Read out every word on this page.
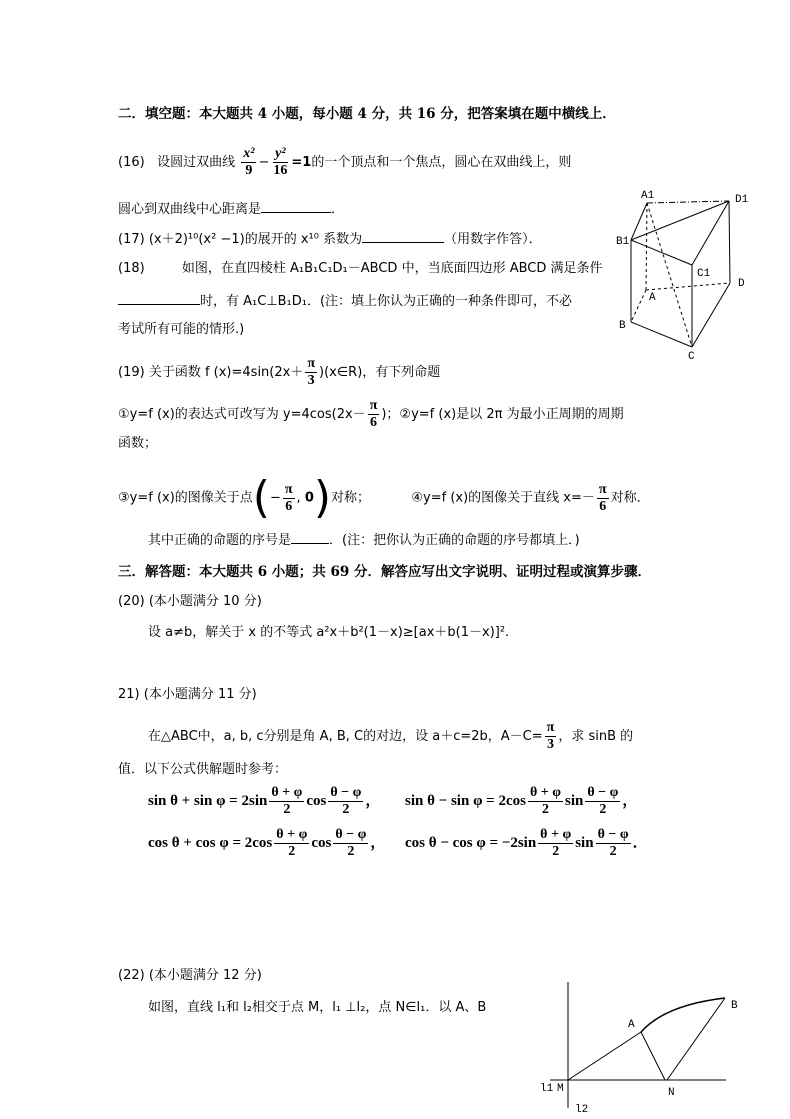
二．填空题：本大题共 4 小题，每小题 4 分，共 16 分，把答案填在题中横线上．
(16) 设圆过双曲线 $\frac{\text{x²}}{9} - \frac{\text{y²}}{16} =1$的一个顶点和一个焦点，圆心在双曲线上，则
圆心到双曲线中心距离是	．
(17) (x＋2)¹⁰(x² −1)的展开的 x¹⁰ 系数为	（用数字作答）．
(18)	如图，在直四棱柱 A₁B₁C₁D₁－ABCD 中，当底面四边形 ABCD 满足条件
时，有 A₁C⊥B₁D₁．(注：填上你认为正确的一种条件即可，不必
考试所有可能的情形.)
A1	D1
B1
C1
A
D
B
C
(19) 关于函数 f $(x)=4\sin(2x+ \frac{\pi}{3}$ )(x∈R)，有下列命题
①y=f (x)的表达式可改写为 $y=4\cos(2x- \frac{\pi}{6}$ )；②y=f (x)是以 2π 为最小正周期的周期
函数；
③y=f (x)的图像关于点(− $\frac{\pi}{6}$ , 0)对称；	④y=f (x)的图像关于直线 $x=- \frac{\pi}{6}$ 对称．
其中正确的命题的序号是	．(注：把你认为正确的命题的序号都填上．)
三．解答题：本大题共 6 小题；共 69 分．解答应写出文字说明、证明过程或演算步骤．
(20) (本小题满分 10 分)
设 a≠b，解关于 x 的不等式 a²x＋b²(1－x)≥[ax＋b(1－x)]².
21) (本小题满分 11 分)
在△ABC中，a, b, c分别是角 A, B, C的对边，设 a＋c=2b，$A-C= \frac{\pi}{3}$ ，求 sinB 的
值．以下公式供解题时参考：
$\sin \theta + \sin \varphi = 2\sin \frac{\theta + \varphi}{2}$ $\cos \frac{\theta - \varphi}{2}$ ， $\sin \theta - \sin \varphi = 2\cos \frac{\theta + \varphi}{2}$ $\sin \frac{\theta - \varphi}{2}$ ，
$\cos \theta + \cos \varphi = 2\cos \frac{\theta + \varphi}{2}$ $\cos \frac{\theta - \varphi}{2}$ ， $\cos \theta - \cos \varphi = -2\sin \frac{\theta + \varphi}{2}$ $\sin \frac{\theta - \varphi}{2}$ ．
(22) (本小题满分 12 分)
如图，直线 l₁和 l₂相交于点 M，l₁ ⊥l₂，点 N∈l₁．以 A、B
A
B
M	N
l1
l2
